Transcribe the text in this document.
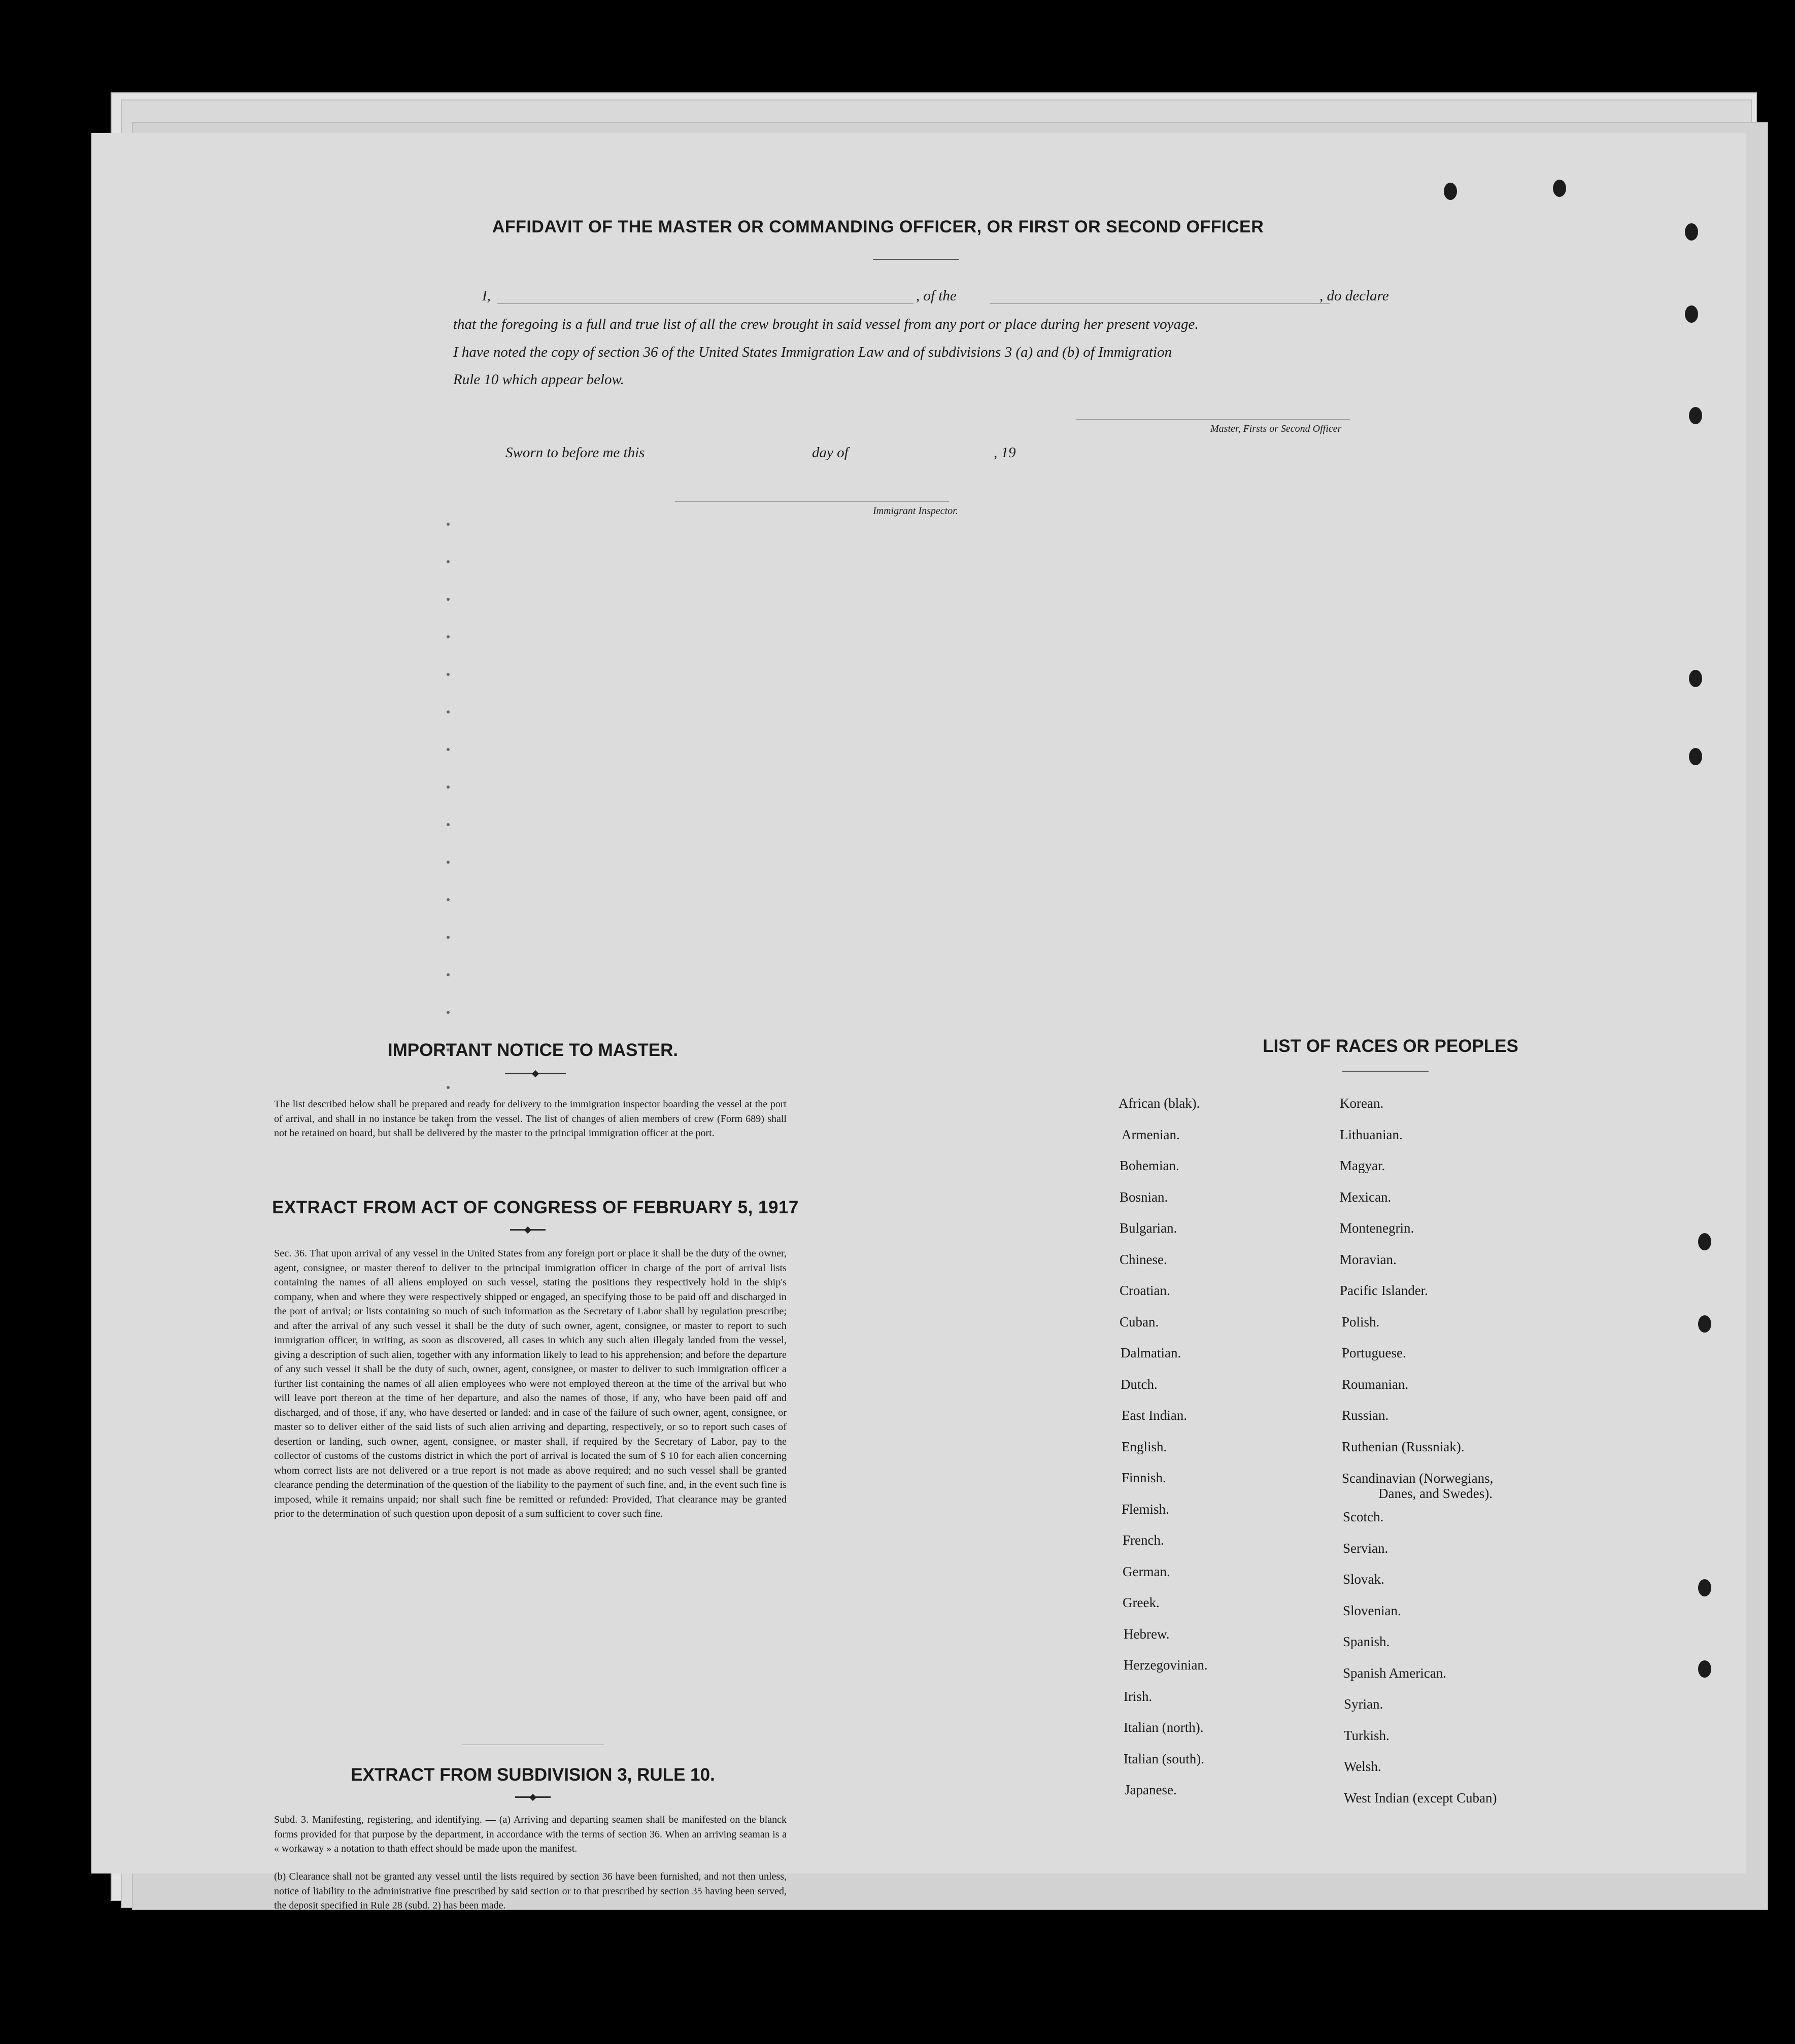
AFFIDAVIT OF THE MASTER OR COMMANDING OFFICER, OR FIRST OR SECOND OFFICER
I,	, of the	, do declare
that the foregoing is a full and true list of all the crew brought in said vessel from any port or place during her present voyage.
I have noted the copy of section 36 of the United States Immigration Law and of subdivisions 3 (a) and (b) of Immigration
Rule 10 which appear below.
Master, Firsts or Second Officer
Sworn to before me this	day of	, 19
Immigrant Inspector.
IMPORTANT NOTICE TO MASTER.
The list described below shall be prepared and ready for delivery to the immigration inspector boarding the vessel at the port of arrival, and shall in no instance be taken from the vessel. The list of changes of alien members of crew (Form 689) shall not be retained on board, but shall be delivered by the master to the principal immigration officer at the port.
EXTRACT FROM ACT OF CONGRESS OF FEBRUARY 5, 1917
Sec. 36. That upon arrival of any vessel in the United States from any foreign port or place it shall be the duty of the owner, agent, consignee, or master thereof to deliver to the principal immigration officer in charge of the port of arrival lists containing the names of all aliens employed on such vessel, stating the positions they respectively hold in the ship's company, when and where they were respectively shipped or engaged, an specifying those to be paid off and discharged in the port of arrival; or lists containing so much of such information as the Secretary of Labor shall by regulation prescribe; and after the arrival of any such vessel it shall be the duty of such owner, agent, consignee, or master to report to such immigration officer, in writing, as soon as discovered, all cases in which any such alien illegaly landed from the vessel, giving a description of such alien, together with any information likely to lead to his apprehension; and before the departure of any such vessel it shall be the duty of such, owner, agent, consignee, or master to deliver to such immigration officer a further list containing the names of all alien employees who were not employed thereon at the time of the arrival but who will leave port thereon at the time of her departure, and also the names of those, if any, who have been paid off and discharged, and of those, if any, who have deserted or landed: and in case of the failure of such owner, agent, consignee, or master so to deliver either of the said lists of such alien arriving and departing, respectively, or so to report such cases of desertion or landing, such owner, agent, consignee, or master shall, if required by the Secretary of Labor, pay to the collector of customs of the customs district in which the port of arrival is located the sum of $ 10 for each alien concerning whom correct lists are not delivered or a true report is not made as above required; and no such vessel shall be granted clearance pending the determination of the question of the liability to the payment of such fine, and, in the event such fine is imposed, while it remains unpaid; nor shall such fine be remitted or refunded: Provided, That clearance may be granted prior to the determination of such question upon deposit of a sum sufficient to cover such fine.
EXTRACT FROM SUBDIVISION 3, RULE 10.
Subd. 3. Manifesting, registering, and identifying. — (a) Arriving and departing seamen shall be manifested on the blanck forms provided for that purpose by the department, in accordance with the terms of section 36. When an arriving seaman is a « workaway » a notation to thath effect should be made upon the manifest.
(b) Clearance shall not be granted any vessel until the lists required by section 36 have been furnished, and not then unless, notice of liability to the administrative fine prescribed by said section or to that prescribed by section 35 having been served, the deposit specified in Rule 28 (subd. 2) has been made.
LIST OF RACES OR PEOPLES
African (blak).
Armenian.
Bohemian.
Bosnian.
Bulgarian.
Chinese.
Croatian.
Cuban.
Dalmatian.
Dutch.
East Indian.
English.
Finnish.
Flemish.
French.
German.
Greek.
Hebrew.
Herzegovinian.
Irish.
Italian (north).
Italian (south).
Japanese.
Korean.
Lithuanian.
Magyar.
Mexican.
Montenegrin.
Moravian.
Pacific Islander.
Polish.
Portuguese.
Roumanian.
Russian.
Ruthenian (Russniak).
Scandinavian (Norwegians,
Danes, and Swedes).
Scotch.
Servian.
Slovak.
Slovenian.
Spanish.
Spanish American.
Syrian.
Turkish.
Welsh.
West Indian (except Cuban)
